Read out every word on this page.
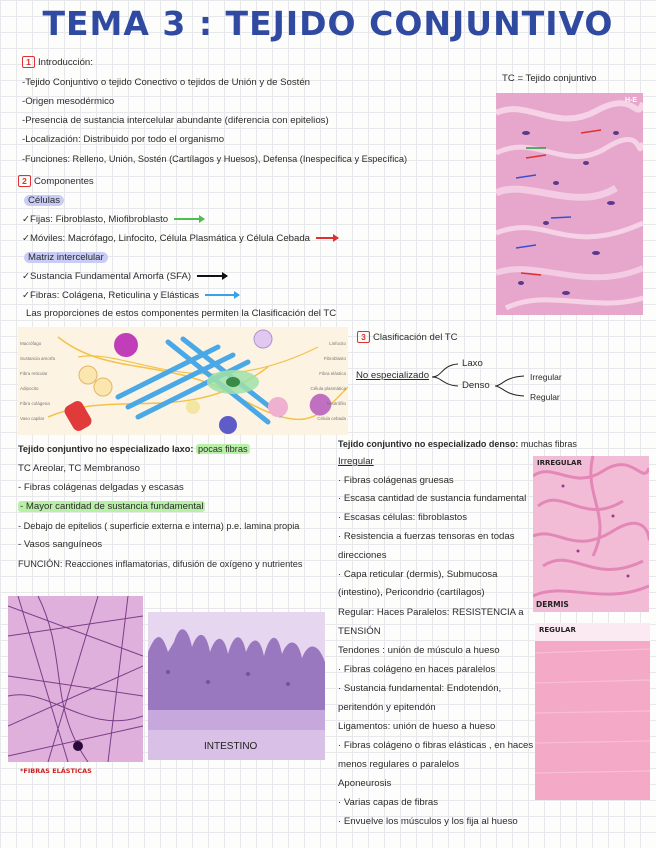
TEMA 3 : TEJIDO CONJUNTIVO
1 Introducción:
-Tejido Conjuntivo o tejido Conectivo o tejidos de Unión y de Sostén
-Origen mesodérmico
-Presencia de sustancia intercelular abundante (diferencia con epitelios)
-Localización: Distribuido por todo el organismo
-Funciones: Relleno, Unión, Sostén (Cartílagos y Huesos), Defensa (Inespecífica y Específica)
TC = Tejido conjuntivo
H-E
2 Componentes
Células
✓Fijas: Fibroblasto, Miofibroblasto
✓Móviles: Macrófago, Linfocito, Célula Plasmática y Célula Cebada
Matriz intercelular
✓Sustancia Fundamental Amorfa (SFA)
✓Fibras: Colágena, Reticulina y Elásticas
Las proporciones de estos componentes permiten la Clasificación del TC
Macrófago
Sustancia amorfa
Fibra reticular
Adipocito
Fibra colágena
Vaso capilar
Linfocito
Fibroblasto
Fibra elástica
Célula plasmática
Neutrófilo
Célula cebada
3 Clasificación del TC
No especializado
Laxo
Denso
Irregular
Regular
Tejido conjuntivo no especializado laxo: pocas fibras
TC Areolar, TC Membranoso
- Fibras colágenas delgadas y escasas
- Mayor cantidad de sustancia fundamental
- Debajo de epitelios ( superficie externa e interna) p.e. lamina propia
- Vasos sanguíneos
FUNCIÓN: Reacciones inflamatorias, difusión de oxígeno y nutrientes
Tejido conjuntivo no especializado denso: muchas fibras
Irregular
· Fibras colágenas gruesas
· Escasa cantidad de sustancia fundamental
· Escasas células: fibroblastos
· Resistencia a fuerzas tensoras en todas
direcciones
· Capa reticular (dermis), Submucosa
(intestino), Pericondrio (cartílagos)
Regular: Haces Paralelos: RESISTENCIA a
TENSIÓN
Tendones : unión de músculo a hueso
· Fibras colágeno en haces paralelos
· Sustancia fundamental: Endotendón,
peritendón y epitendón
Ligamentos: unión de hueso a hueso
· Fibras colágeno o fibras elásticas , en haces
menos regulares o paralelos
Aponeurosis
· Varias capas de fibras
· Envuelve los músculos y los fija al hueso
IRREGULAR
DERMIS
REGULAR
*FIBRAS ELÁSTICAS
INTESTINO
